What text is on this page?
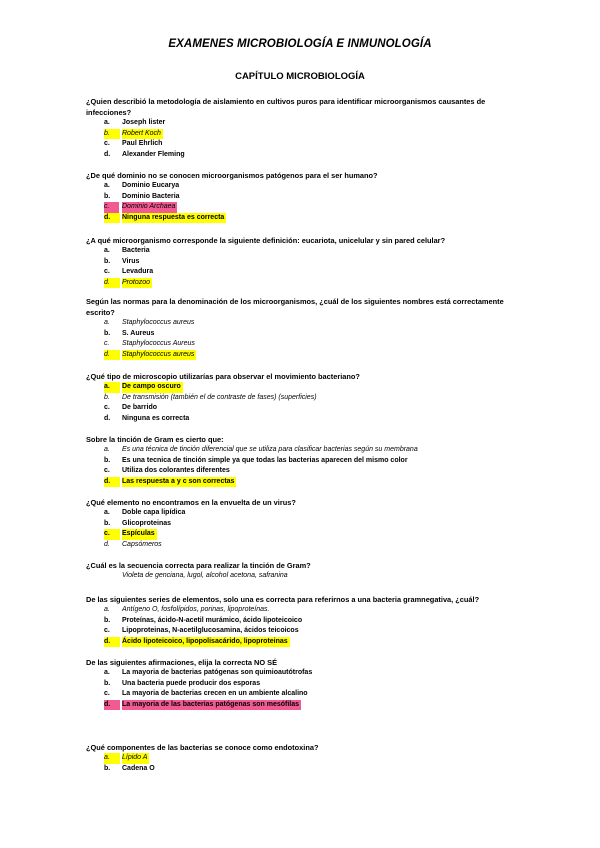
EXAMENES MICROBIOLOGÍA E INMUNOLOGÍA
CAPÍTULO MICROBIOLOGÍA
¿Quien describió la metodología de aislamiento en cultivos puros para identificar microorganismos causantes de infecciones?
a. Joseph lister
b.	Robert Koch
c. Paul Ehrlich
d. Alexander Fleming
¿De qué dominio no se conocen microorganismos patógenos para el ser humano?
a. Dominio Eucarya
b. Dominio Bacteria
c.	Dominio Archaea
d.	Ninguna respuesta es correcta
¿A qué microorganismo corresponde la siguiente definición: eucariota, unicelular y sin pared celular?
a. Bacteria
b. Virus
c. Levadura
d.	Protozoo
Según las normas para la denominación de los microorganismos, ¿cuál de los siguientes nombres está correctamente escrito?
a. Staphylococcus aureus
b. S. Aureus
c. Staphylococcus Aureus
d.	Staphylococcus aureus
¿Qué tipo de microscopio utilizarías para observar el movimiento bacteriano?
a.	De campo oscuro
b. De transmisión (también el de contraste de fases) (superficies)
c. De barrido
d. Ninguna es correcta
Sobre la tinción de Gram es cierto que:
a. Es una técnica de tinción diferencial que se utiliza para clasificar bacterias según su membrana
b. Es una tecnica de tinción simple ya que todas las bacterias aparecen del mismo color
c. Utiliza dos colorantes diferentes
d.	Las respuesta a y c son correctas
¿Qué elemento no encontramos en la envuelta de un virus?
a. Doble capa lipídica
b. Glicoproteinas
c.	Espículas
d. Capsómeros
¿Cuál es la secuencia correcta para realizar la tinción de Gram?
Violeta de genciana, lugol, alcohol acetona, safranina
De las siguientes series de elementos, solo una es correcta para referirnos a una bacteria gramnegativa, ¿cuál?
a. Antígeno O, fosfolípidos, porinas, lipoproteínas.
b. Proteínas, ácido-N-acetil murámico, ácido lipoteicoico
c. Lipoproteinas, N-acetilglucosamina, ácidos teicoicos
d.	Ácido lipoteicoico, lipopolisacárido, lipoproteinas
De las siguientes afirmaciones, elija la correcta NO SÉ
a. La mayoria de bacterias patógenas son quimioautótrofas
b. Una bacteria puede producir dos esporas
c. La mayoria de bacterias crecen en un ambiente alcalino
d.	La mayoria de las bacterias patógenas son mesófilas
¿Qué componentes de las bacterias se conoce como endotoxina?
a.	Lípido A
b. Cadena O
